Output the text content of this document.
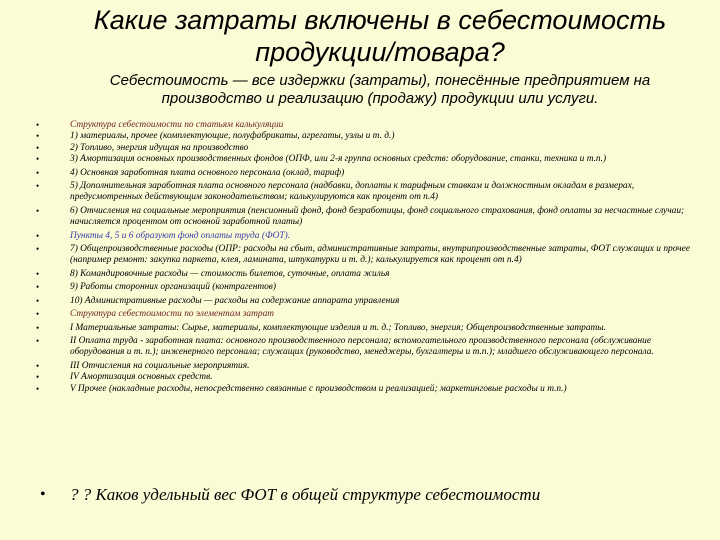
Какие затраты включены в себестоимость продукции/товара?
Себестоимость — все издержки (затраты), понесённые предприятием на производство и реализацию (продажу) продукции или услуги.
•	Структура себестоимости по статьям калькуляции
•	1) материалы, прочее (комплектующие, полуфабрикаты, агрегаты, узлы и т. д.)
•	2) Топливо, энергия идущая на производство
•	3) Амортизация основных производственных фондов (ОПФ, или 2-я группа основных средств: оборудование, станки, техника и т.п.)
•	4) Основная заработная плата основного персонала (оклад, тариф)
•	5) Дополнительная заработная плата основного персонала (надбавки, доплаты к тарифным ставкам и должностным окладам в размерах, предусмотренных действующим законодательством; калькулируются как процент от п.4)
•	6) Отчисления на социальные мероприятия (пенсионный фонд, фонд безработицы, фонд социального страхования, фонд оплаты за несчастные случаи; начисляется процентом от основной заработной платы)
•	Пункты 4, 5 и 6 образуют фонд оплаты труда (ФОТ).
•	7) Общепроизводственные расходы (ОПР: расходы на сбыт, административные затраты, внутрипроизводственные затраты, ФОТ служащих и прочее (например ремонт: закупка паркета, клея, ламината, штукатурки и т. д.); калькулируется как процент от п.4)
•	8) Командировочные расходы — стоимость билетов, суточные, оплата жилья
•	9) Работы сторонних организаций (контрагентов)
•	10) Административные расходы — расходы на содержание аппарата управления
•	Структура себестоимости по элементам затрат
•	I Материальные затраты: Сырье, материалы, комплектующие изделия и т. д.; Топливо, энергия; Общепроизводственные затраты.
•	II Оплата труда - заработная плата: основного производственного персонала; вспомогательного производственного персонала (обслуживание оборудования и т. п.); инженерного персонала; служащих (руководство, менеджеры, бухгалтеры и т.п.); младшего обслуживающего персонала.
•	III Отчисления на социальные мероприятия.
•	IV Амортизация основных средств.
•	V Прочее (накладные расходы, непосредственно связанные с производством и реализацией; маркетинговые расходы и т.п.)
• ? ? Каков удельный вес ФОТ в общей структуре себестоимости
